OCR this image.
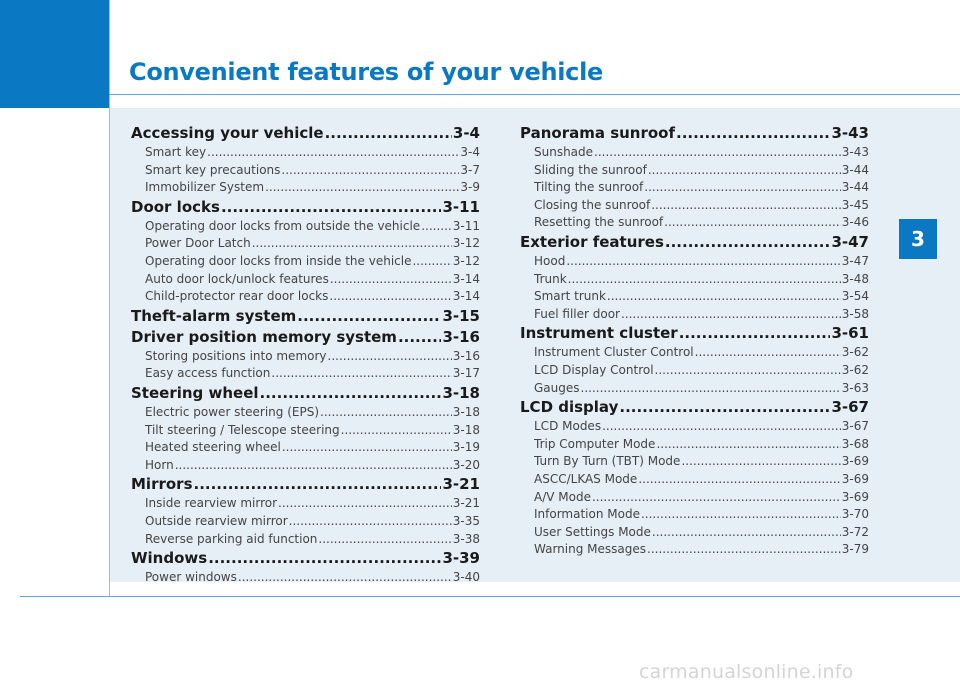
Convenient features of your vehicle
Accessing your vehicle .....	3-4
Smart key .....	3-4
Smart key precautions .....	3-7
Immobilizer System .....	3-9
Door locks .....	3-11
Operating door locks from outside the vehicle .....	3-11
Power Door Latch .....	3-12
Operating door locks from inside the vehicle .....	3-12
Auto door lock/unlock features .....	3-14
Child-protector rear door locks .....	3-14
Theft-alarm system .....	3-15
Driver position memory system .....	3-16
Storing positions into memory .....	3-16
Easy access function .....	3-17
Steering wheel .....	3-18
Electric power steering (EPS) .....	3-18
Tilt steering / Telescope steering .....	3-18
Heated steering wheel .....	3-19
Horn .....	3-20
Mirrors .....	3-21
Inside rearview mirror .....	3-21
Outside rearview mirror .....	3-35
Reverse parking aid function .....	3-38
Windows .....	3-39
Power windows .....	3-40
Panorama sunroof .....	3-43
Sunshade .....	3-43
Sliding the sunroof .....	3-44
Tilting the sunroof .....	3-44
Closing the sunroof .....	3-45
Resetting the sunroof .....	3-46
Exterior features .....	3-47
Hood .....	3-47
Trunk .....	3-48
Smart trunk .....	3-54
Fuel filler door .....	3-58
Instrument cluster .....	3-61
Instrument Cluster Control .....	3-62
LCD Display Control .....	3-62
Gauges .....	3-63
LCD display .....	3-67
LCD Modes .....	3-67
Trip Computer Mode .....	3-68
Turn By Turn (TBT) Mode .....	3-69
ASCC/LKAS Mode .....	3-69
A/V Mode .....	3-69
Information Mode .....	3-70
User Settings Mode .....	3-72
Warning Messages .....	3-79
3
carmanualsonline.info
